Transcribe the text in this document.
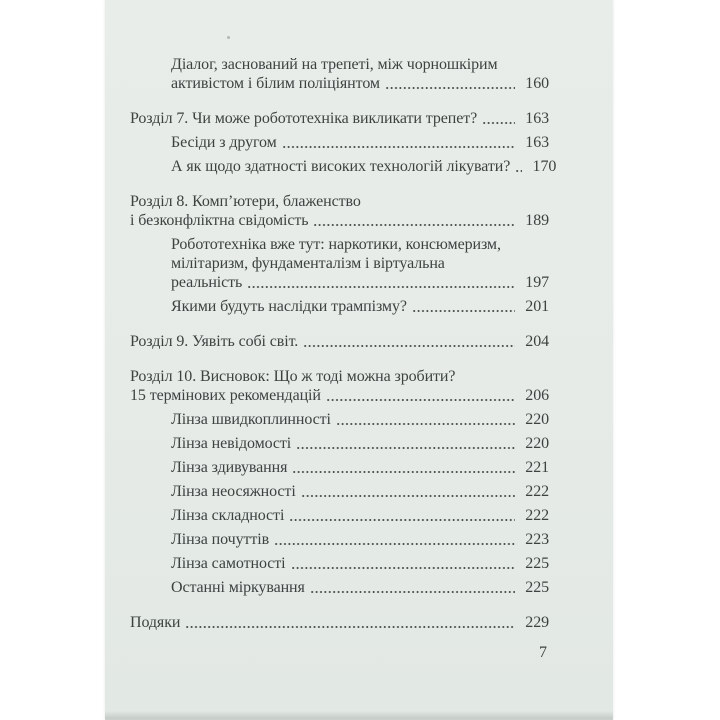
Діалог, заснований на трепеті, між чорношкірим
активістом і білим поліціянтом	160
Розділ 7. Чи може робототехніка викликати трепет?	163
Бесіди з другом	163
А як щодо здатності високих технологій лікувати?	170
Розділ 8. Комп’ютери, блаженство
і безконфліктна свідомість	189
Робототехніка вже тут: наркотики, консюмеризм,
мілітаризм, фундаменталізм і віртуальна
реальність	197
Якими будуть наслідки трампізму?	201
Розділ 9. Уявіть собі світ.	204
Розділ 10. Висновок: Що ж тоді можна зробити?
15 термінових рекомендацій	206
Лінза швидкоплинності	220
Лінза невідомості	220
Лінза здивування	221
Лінза неосяжності	222
Лінза складності	222
Лінза почуттів	223
Лінза самотності	225
Останні міркування	225
Подяки	229
7
